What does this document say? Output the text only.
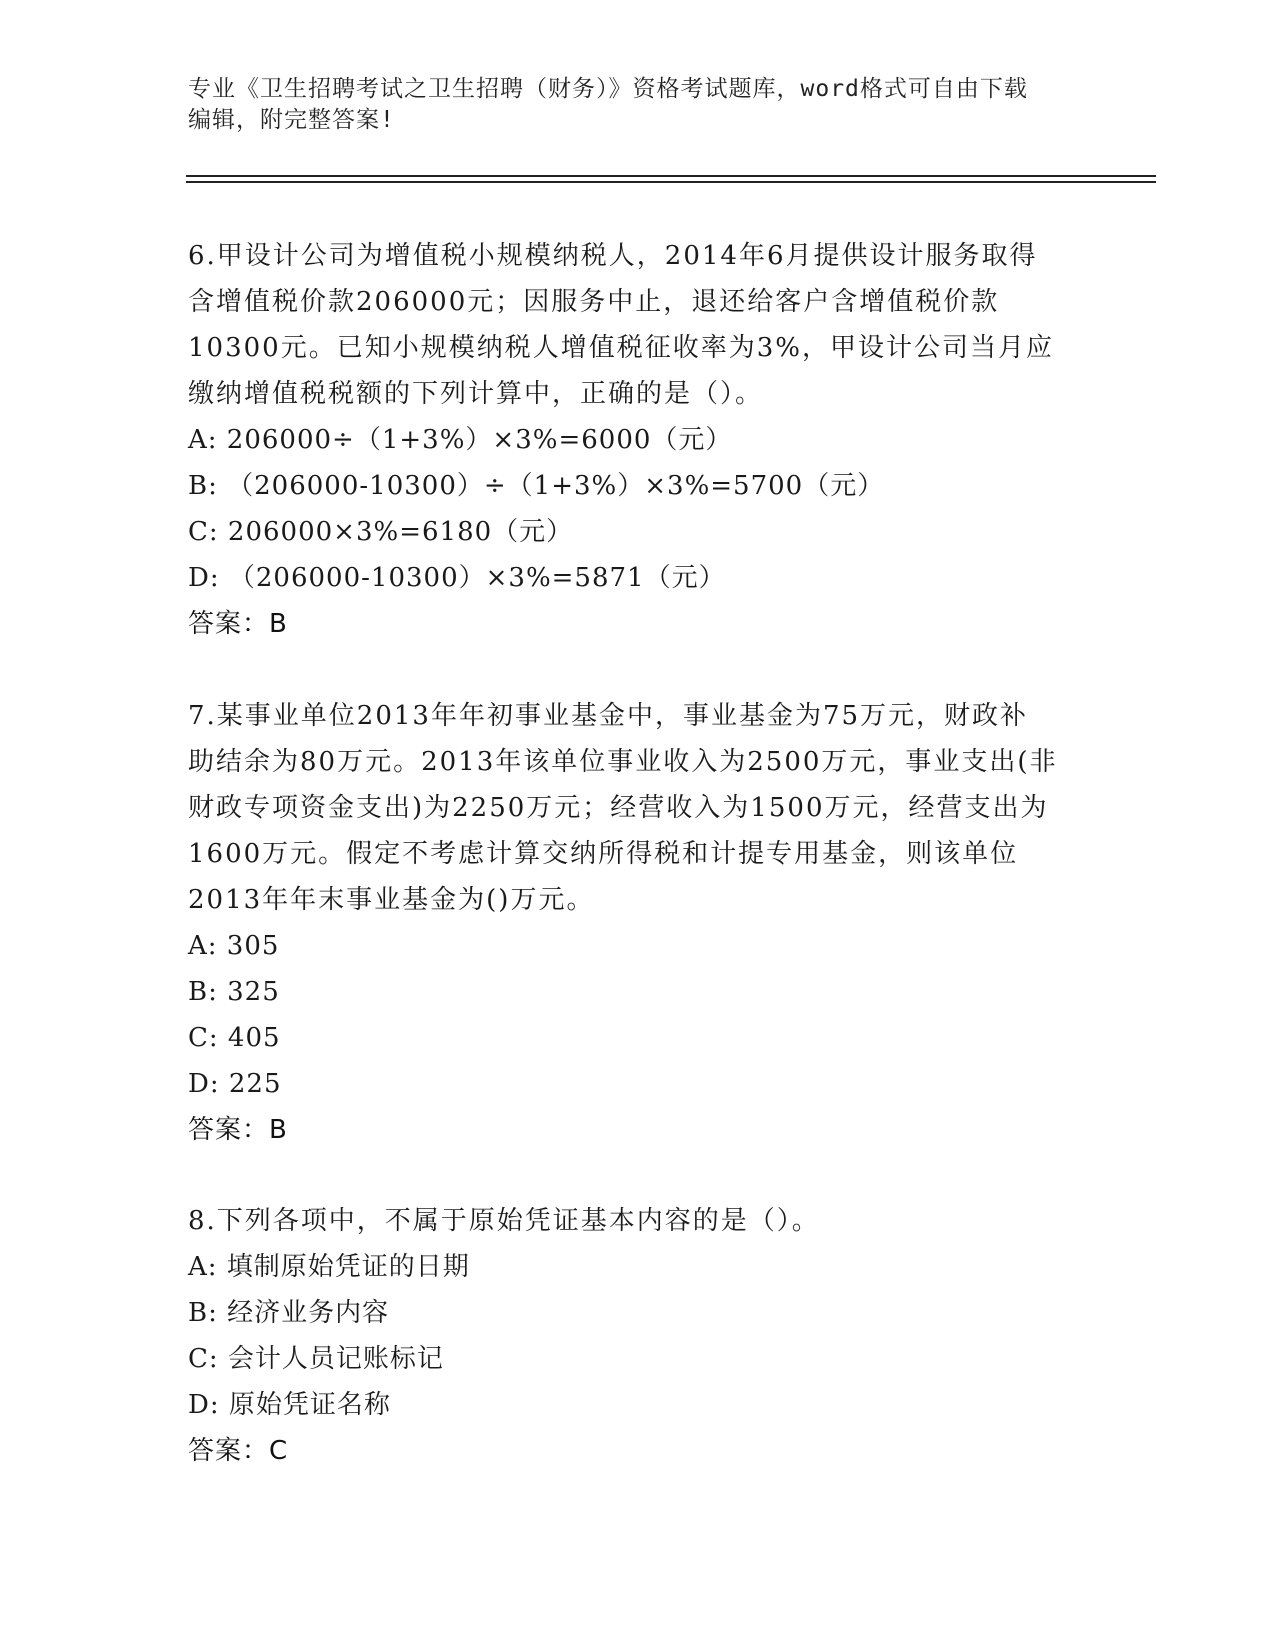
专业《卫生招聘考试之卫生招聘（财务）》资格考试题库，word格式可自由下载
编辑，附完整答案!

6.甲设计公司为增值税小规模纳税人，2014年6月提供设计服务取得

含增值税价款206000元；因服务中止，退还给客户含增值税价款

10300元。已知小规模纳税人增值税征收率为3%，甲设计公司当月应

缴纳增值税税额的下列计算中，正确的是（）。

A: 206000÷（1+3%）×3%=6000（元）

B: （206000-10300）÷（1+3%）×3%=5700（元）

C: 206000×3%=6180（元）

D: （206000-10300）×3%=5871（元）

答案：B

7.某事业单位2013年年初事业基金中，事业基金为75万元，财政补

助结余为80万元。2013年该单位事业收入为2500万元，事业支出(非

财政专项资金支出)为2250万元；经营收入为1500万元，经营支出为

1600万元。假定不考虑计算交纳所得税和计提专用基金，则该单位

2013年年末事业基金为()万元。

A: 305

B: 325

C: 405

D: 225

答案：B

8.下列各项中，不属于原始凭证基本内容的是（）。

A: 填制原始凭证的日期

B: 经济业务内容

C: 会计人员记账标记

D: 原始凭证名称

答案：C
